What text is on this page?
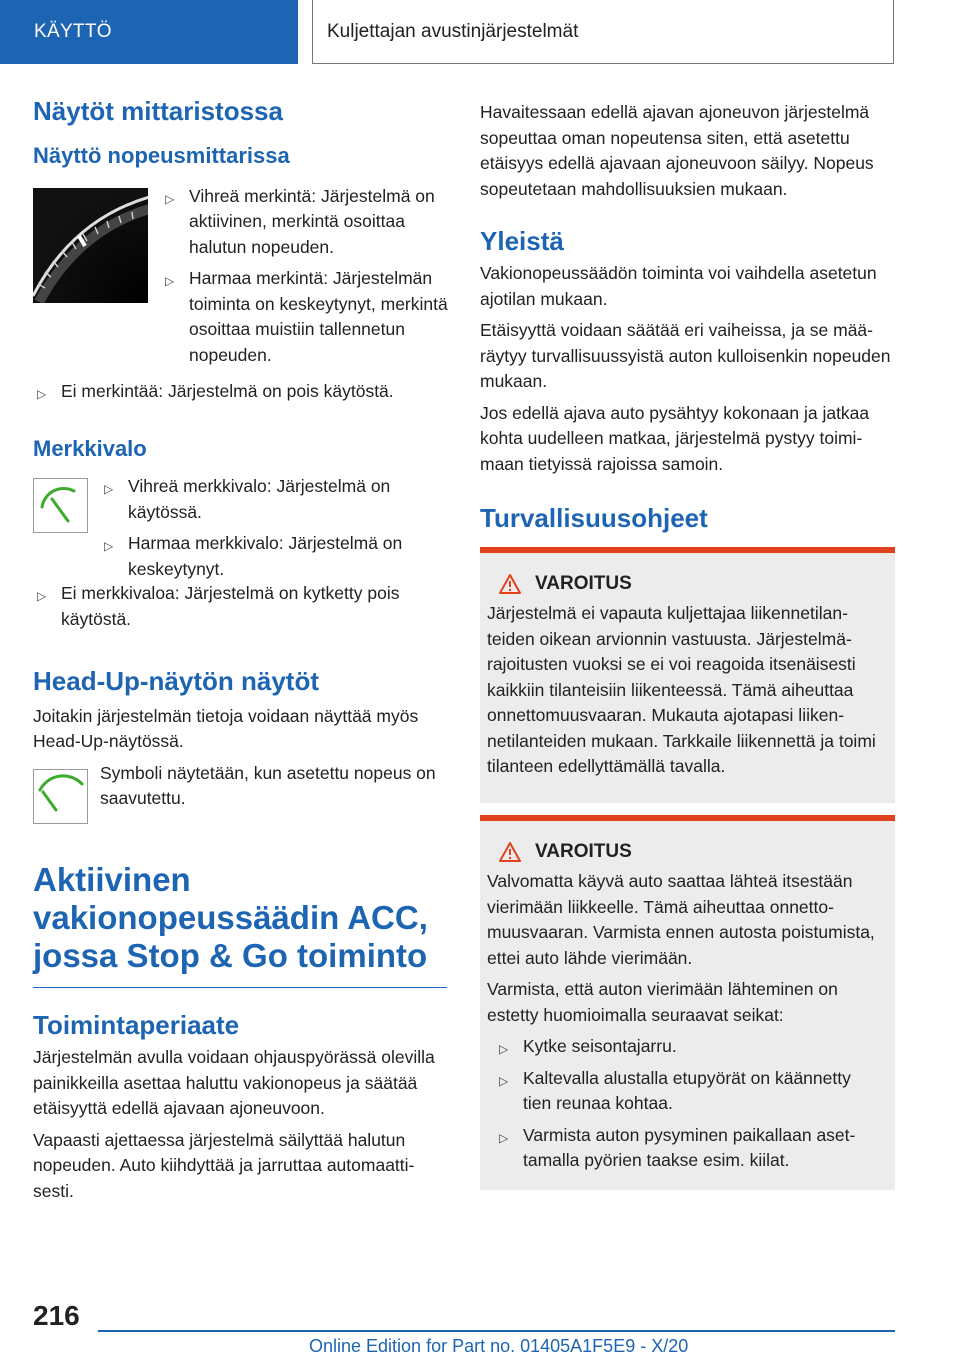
KÄYTTÖ	Kuljettajan avustinjärjestelmät
Näytöt mittaristossa
Näyttö nopeusmittarissa
▷ Vihreä merkintä: Järjestelmä on aktiivinen, merkintä osoittaa halutun nopeuden.
▷ Harmaa merkintä: Järjestelmän toiminta on keskeytynyt, merkintä osoittaa muistiin tallennetun nopeuden.
▷ Ei merkintää: Järjestelmä on pois käytöstä.
Merkkivalo
▷ Vihreä merkkivalo: Järjestelmä on käytössä.
▷ Harmaa merkkivalo: Järjestelmä on keskeytynyt.
▷ Ei merkkivaloa: Järjestelmä on kytketty pois käytöstä.
Head-Up-näytön näytöt

Joitakin järjestelmän tietoja voidaan näyttää myös Head-Up-näytössä.

Symboli näytetään, kun asetettu nopeus on saavutettu.

Aktiivinen vakionopeussäädin ACC, jossa Stop & Go toiminto
Toimintaperiaate

Järjestelmän avulla voidaan ohjauspyörässä olevilla painikkeilla asettaa haluttu vakionopeus ja säätää etäisyyttä edellä ajavaan ajoneuvoon.

Vapaasti ajettaessa järjestelmä säilyttää halutun nopeuden. Auto kiihdyttää ja jarruttaa automaattisesti.

Havaitessaan edellä ajavan ajoneuvon järjestelmä sopeuttaa oman nopeutensa siten, että asetettu etäisyys edellä ajavaan ajoneuvoon säilyy. Nopeus sopeutetaan mahdollisuuksien mukaan.

Yleistä

Vakionopeussäädön toiminta voi vaihdella asetetun ajotilan mukaan.

Etäisyyttä voidaan säätää eri vaiheissa, ja se määräytyy turvallisuussyistä auton kulloisenkin nopeuden mukaan.

Jos edellä ajava auto pysähtyy kokonaan ja jatkaa kohta uudelleen matkaa, järjestelmä pystyy toimimaan tietyissä rajoissa samoin.

Turvallisuusohjeet
VAROITUS

Järjestelmä ei vapauta kuljettajaa liikennetilanteiden oikean arvionnin vastuusta. Järjestelmärajoitusten vuoksi se ei voi reagoida itsenäisesti kaikkiin tilanteisiin liikenteessä. Tämä aiheuttaa onnettomuusvaaran. Mukauta ajotapasi liikennetilanteiden mukaan. Tarkkaile liikennettä ja toimi tilanteen edellyttämällä tavalla.

VAROITUS

Valvomatta käyvä auto saattaa lähteä itsestään vierimään liikkeelle. Tämä aiheuttaa onnettomuusvaaran. Varmista ennen autosta poistumista, ettei auto lähde vierimään.

Varmista, että auton vierimään lähteminen on estetty huomioimalla seuraavat seikat:

▷ Kytke seisontajarru.
▷ Kaltevalla alustalla etupyörät on käännetty tien reunaa kohtaa.
▷ Varmista auton pysyminen paikallaan asettamalla pyörien taakse esim. kiilat.
216
Online Edition for Part no. 01405A1F5E9 - X/20
